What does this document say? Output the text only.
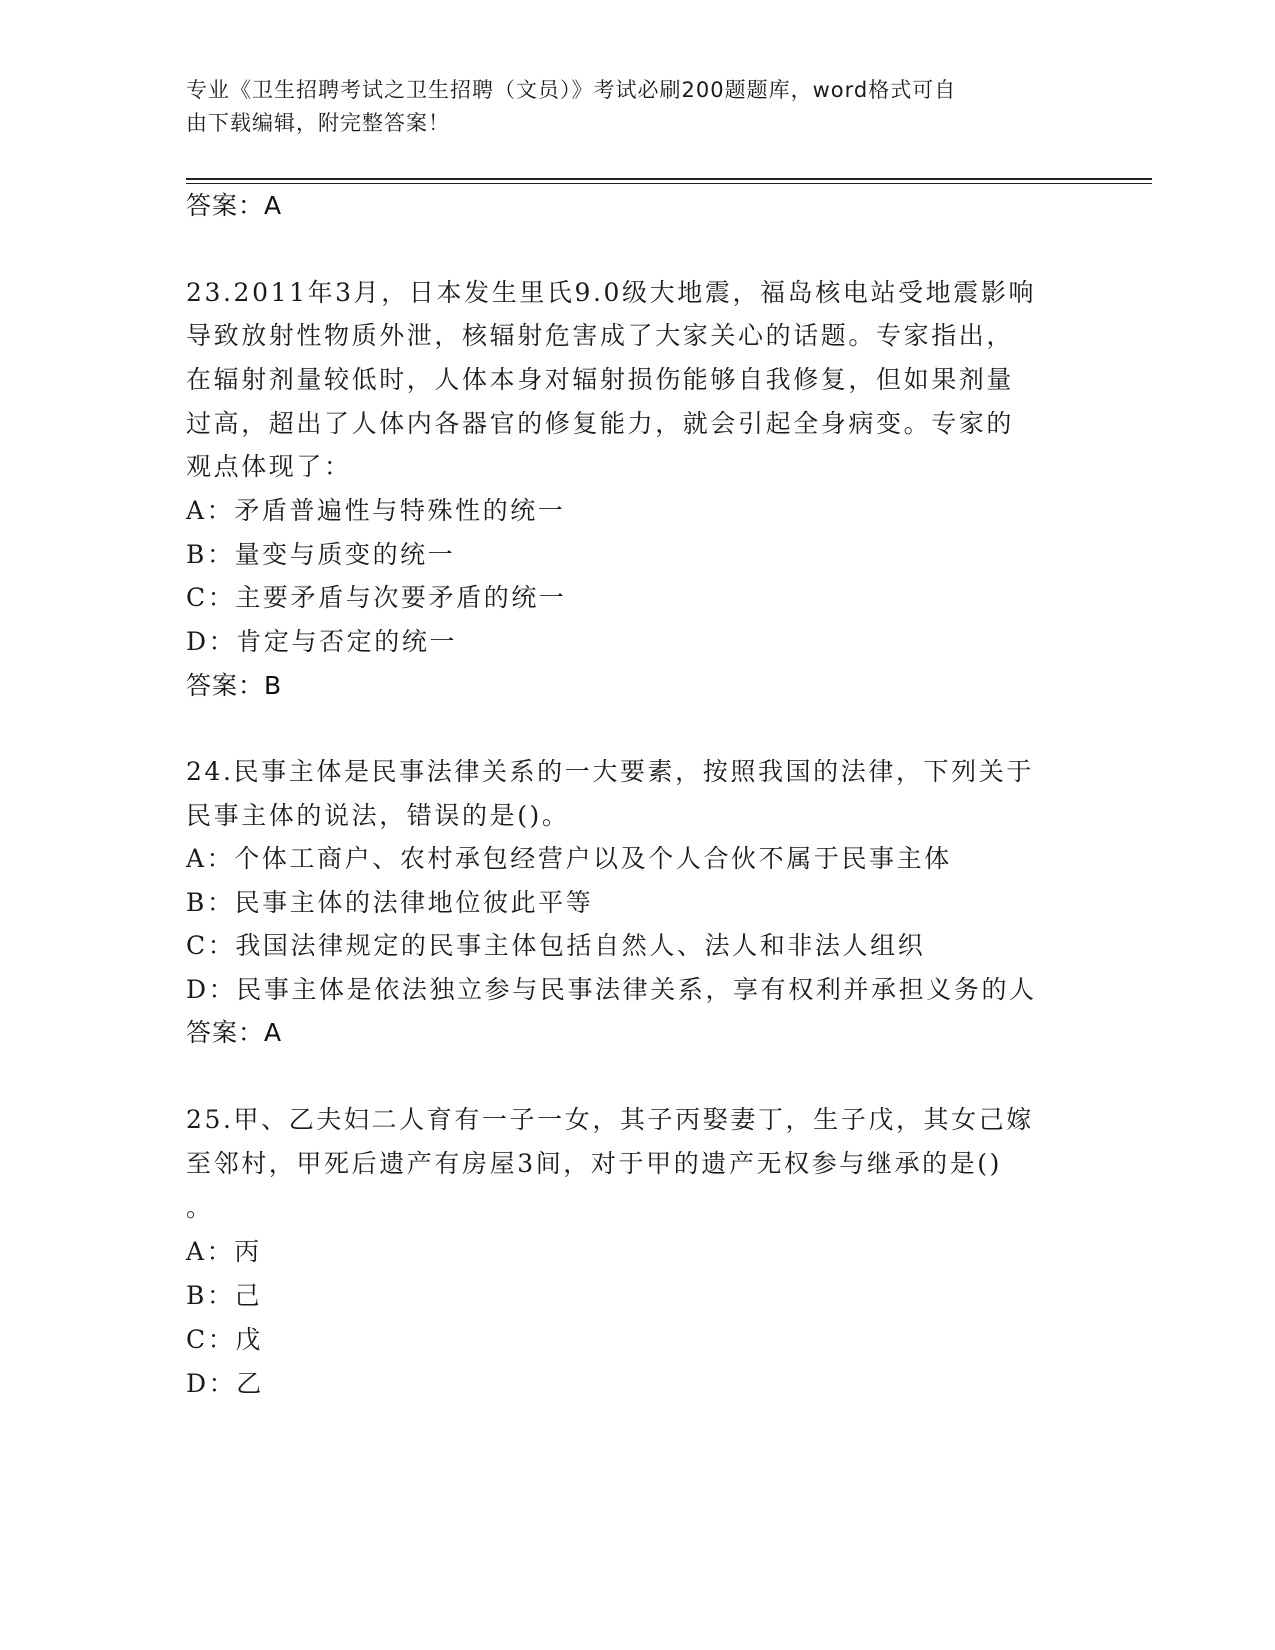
专业《卫生招聘考试之卫生招聘（文员）》考试必刷200题题库，word格式可自
由下载编辑，附完整答案！
答案：A
23.2011年3月，日本发生里氏9.0级大地震，福岛核电站受地震影响
导致放射性物质外泄，核辐射危害成了大家关心的话题。专家指出，
在辐射剂量较低时，人体本身对辐射损伤能够自我修复，但如果剂量
过高，超出了人体内各器官的修复能力，就会引起全身病变。专家的
观点体现了：
A：矛盾普遍性与特殊性的统一
B：量变与质变的统一
C：主要矛盾与次要矛盾的统一
D：肯定与否定的统一
答案：B
24.民事主体是民事法律关系的一大要素，按照我国的法律，下列关于
民事主体的说法，错误的是()。
A：个体工商户、农村承包经营户以及个人合伙不属于民事主体
B：民事主体的法律地位彼此平等
C：我国法律规定的民事主体包括自然人、法人和非法人组织
D：民事主体是依法独立参与民事法律关系，享有权利并承担义务的人
答案：A
25.甲、乙夫妇二人育有一子一女，其子丙娶妻丁，生子戊，其女己嫁
至邻村，甲死后遗产有房屋3间，对于甲的遗产无权参与继承的是()
。
A：丙
B：己
C：戊
D：乙
